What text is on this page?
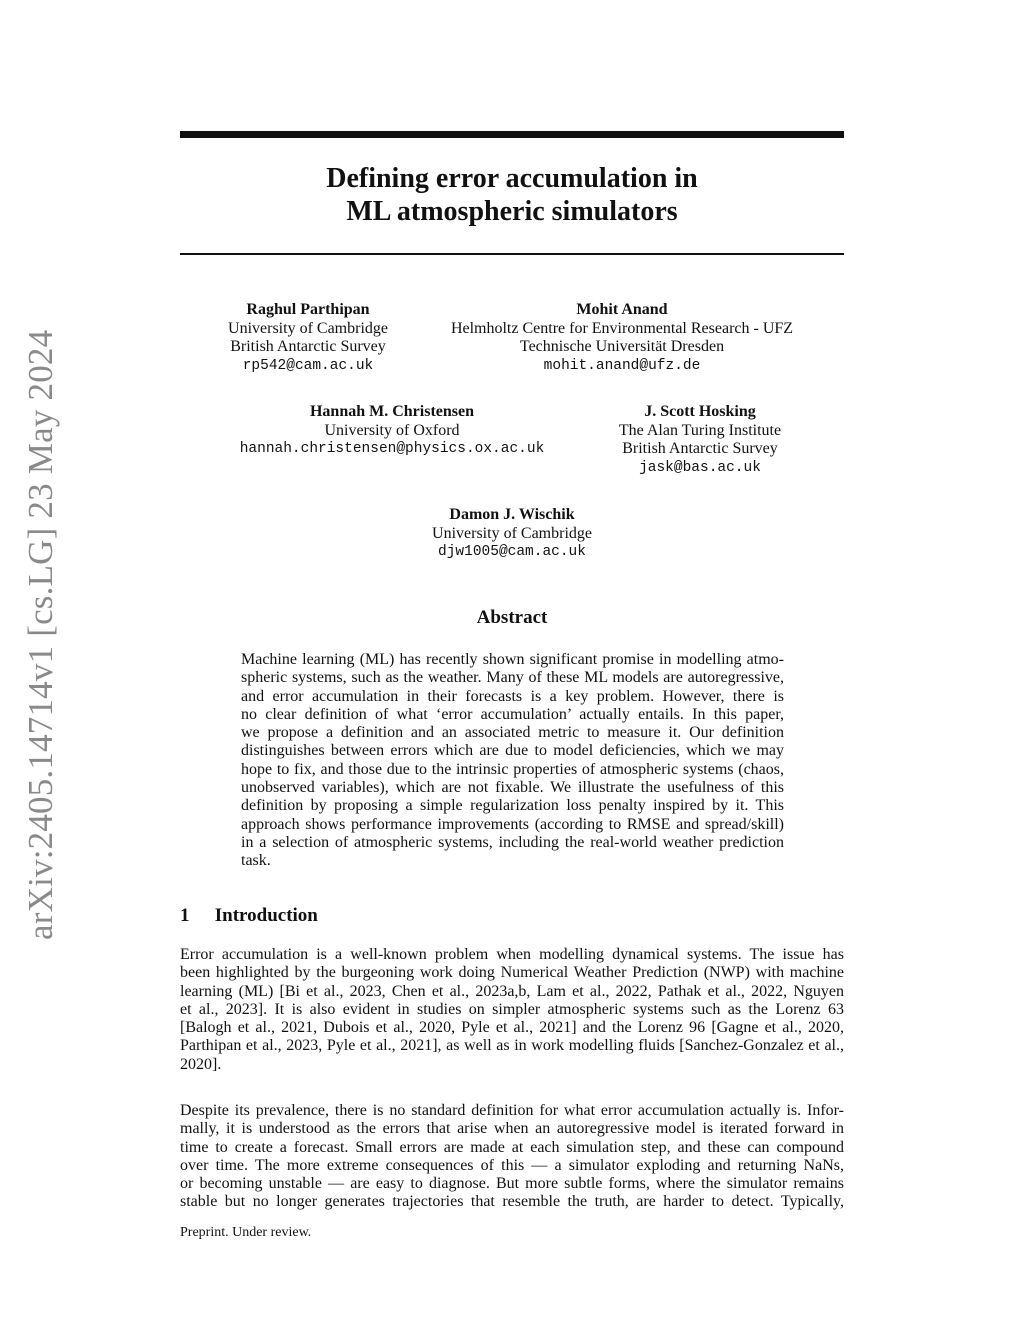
arXiv:2405.14714v1 [cs.LG] 23 May 2024
Defining error accumulation in
ML atmospheric simulators
Raghul Parthipan
University of Cambridge
British Antarctic Survey
rp542@cam.ac.uk
Mohit Anand
Helmholtz Centre for Environmental Research - UFZ
Technische Universität Dresden
mohit.anand@ufz.de
Hannah M. Christensen
University of Oxford
hannah.christensen@physics.ox.ac.uk
J. Scott Hosking
The Alan Turing Institute
British Antarctic Survey
jask@bas.ac.uk
Damon J. Wischik
University of Cambridge
djw1005@cam.ac.uk
Abstract
Machine learning (ML) has recently shown significant promise in modelling atmo-
spheric systems, such as the weather. Many of these ML models are autoregressive,
and error accumulation in their forecasts is a key problem. However, there is
no clear definition of what ‘error accumulation’ actually entails. In this paper,
we propose a definition and an associated metric to measure it. Our definition
distinguishes between errors which are due to model deficiencies, which we may
hope to fix, and those due to the intrinsic properties of atmospheric systems (chaos,
unobserved variables), which are not fixable. We illustrate the usefulness of this
definition by proposing a simple regularization loss penalty inspired by it. This
approach shows performance improvements (according to RMSE and spread/skill)
in a selection of atmospheric systems, including the real-world weather prediction
task.
1 Introduction
Error accumulation is a well-known problem when modelling dynamical systems. The issue has
been highlighted by the burgeoning work doing Numerical Weather Prediction (NWP) with machine
learning (ML) [Bi et al., 2023, Chen et al., 2023a,b, Lam et al., 2022, Pathak et al., 2022, Nguyen
et al., 2023]. It is also evident in studies on simpler atmospheric systems such as the Lorenz 63
[Balogh et al., 2021, Dubois et al., 2020, Pyle et al., 2021] and the Lorenz 96 [Gagne et al., 2020,
Parthipan et al., 2023, Pyle et al., 2021], as well as in work modelling fluids [Sanchez-Gonzalez et al.,
2020].
Despite its prevalence, there is no standard definition for what error accumulation actually is. Infor-
mally, it is understood as the errors that arise when an autoregressive model is iterated forward in
time to create a forecast. Small errors are made at each simulation step, and these can compound
over time. The more extreme consequences of this — a simulator exploding and returning NaNs,
or becoming unstable — are easy to diagnose. But more subtle forms, where the simulator remains
stable but no longer generates trajectories that resemble the truth, are harder to detect. Typically,
Preprint. Under review.
